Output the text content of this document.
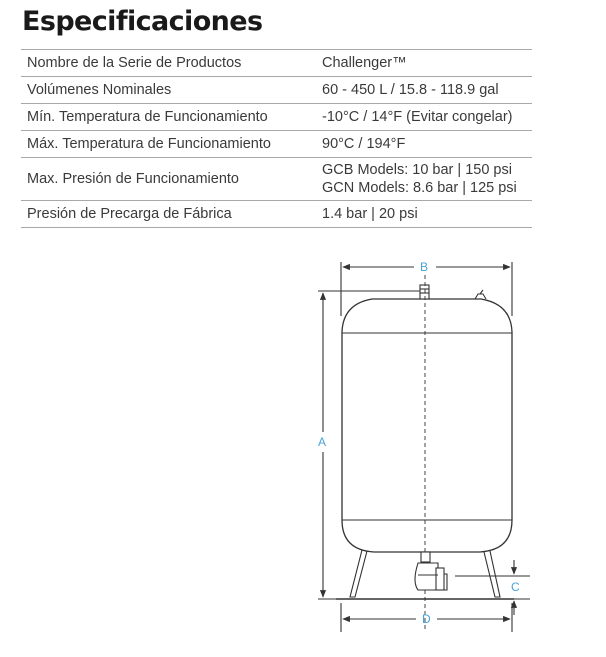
Especificaciones
Nombre de la Serie de Productos	Challenger™

Volúmenes Nominales	60 - 450 L / 15.8 - 118.9 gal

Mín. Temperatura de Funcionamiento	-10°C / 14°F (Evitar congelar)

Máx. Temperatura de Funcionamiento	90°C / 194°F

Max. Presión de Funcionamiento	GCB Models: 10 bar | 150 psi
GCN Models: 8.6 bar | 125 psi

Presión de Precarga de Fábrica	1.4 bar | 20 psi
B
A
C
D
